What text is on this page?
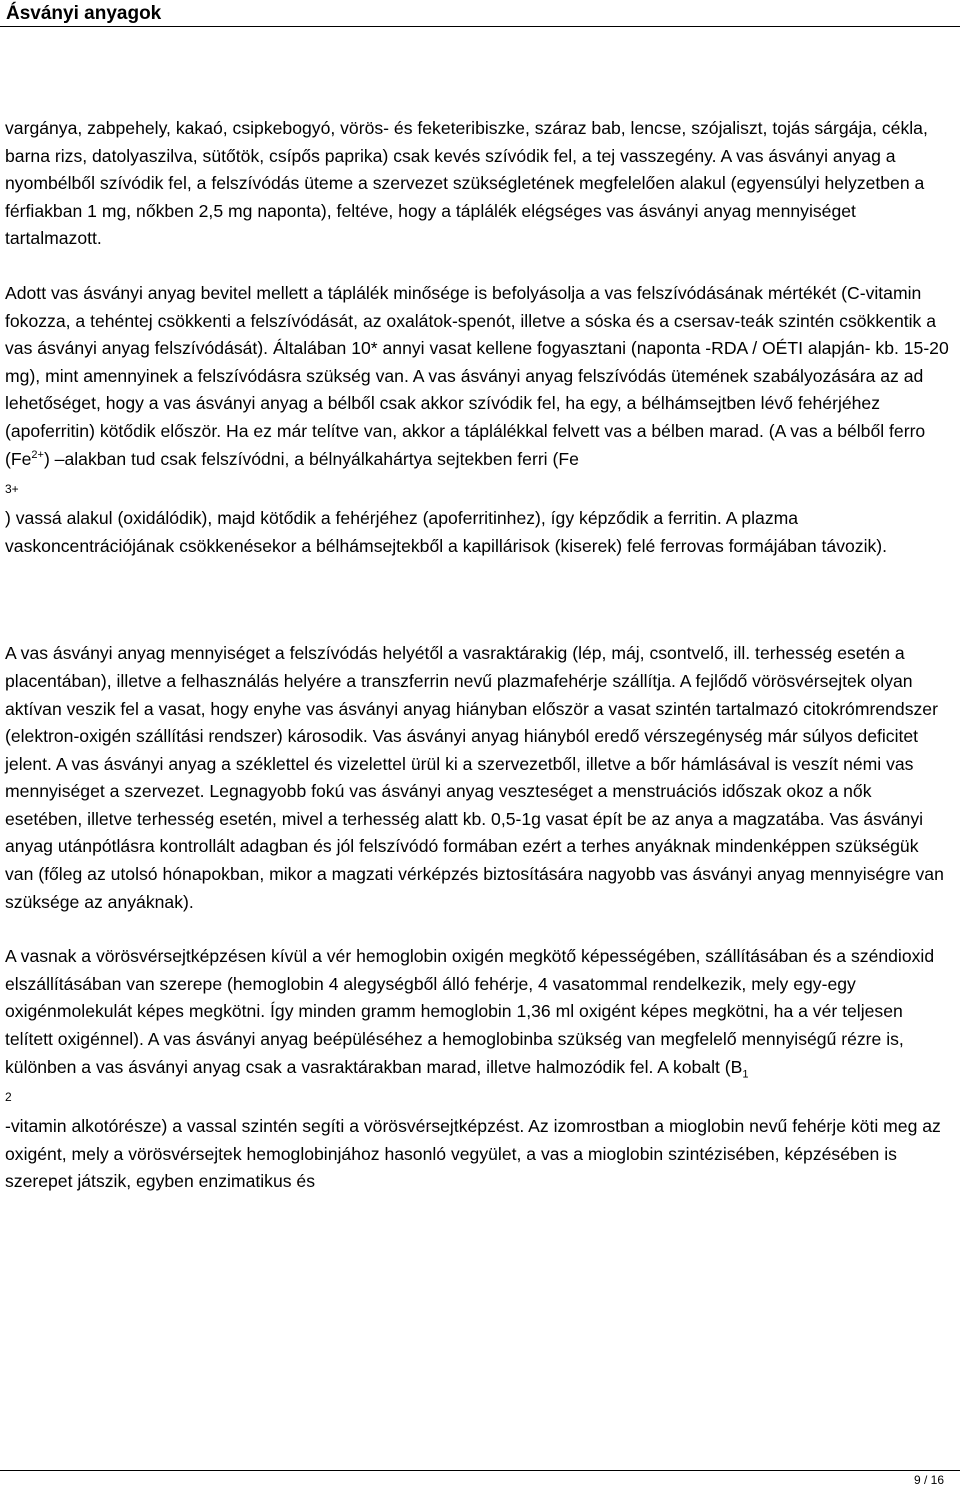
Ásványi anyagok

vargánya, zabpehely, kakaó, csipkebogyó, vörös- és feketeribiszke, száraz bab, lencse, szójaliszt, tojás sárgája, cékla, barna rizs, datolyaszilva, sütőtök, csípős paprika) csak kevés szívódik fel, a tej vasszegény. A vas ásványi anyag a nyombélből szívódik fel, a felszívódás üteme a szervezet szükségletének megfelelően alakul (egyensúlyi helyzetben a férfiakban 1 mg, nőkben 2,5 mg naponta), feltéve, hogy a táplálék elégséges vas ásványi anyag mennyiséget tartalmazott.

Adott vas ásványi anyag bevitel mellett a táplálék minősége is befolyásolja a vas felszívódásának mértékét (C-vitamin fokozza, a tehéntej csökkenti a felszívódását, az oxalátok-spenót, illetve a sóska és a csersav-teák szintén csökkentik a vas ásványi anyag felszívódását). Általában 10* annyi vasat kellene fogyasztani (naponta -RDA / OÉTI alapján- kb. 15-20 mg), mint amennyinek a felszívódásra szükség van. A vas ásványi anyag felszívódás ütemének szabályozására az ad lehetőséget, hogy a vas ásványi anyag a bélből csak akkor szívódik fel, ha egy, a bélhámsejtben lévő fehérjéhez (apoferritin) kötődik először. Ha ez már telítve van, akkor a táplálékkal felvett vas a bélben marad. (A vas a bélből ferro $(Fe^{2+})$ –alakban tud csak felszívódni, a bélnyálkahártya sejtekben ferri (Fe
3+
) vassá alakul (oxidálódik), majd kötődik a fehérjéhez (apoferritinhez), így képződik a ferritin. A plazma vaskoncentrációjának csökkenésekor a bélhámsejtekből a kapillárisok (kiserek) felé ferrovas formájában távozik).

A vas ásványi anyag mennyiséget a felszívódás helyétől a vasraktárakig (lép, máj, csontvelő, ill. terhesség esetén a placentában), illetve a felhasználás helyére a transzferrin nevű plazmafehérje szállítja. A fejlődő vörösvérsejtek olyan aktívan veszik fel a vasat, hogy enyhe vas ásványi anyag hiányban először a vasat szintén tartalmazó citokrómrendszer (elektron-oxigén szállítási rendszer) károsodik. Vas ásványi anyag hiányból eredő vérszegénység már súlyos deficitet jelent. A vas ásványi anyag a széklettel és vizelettel ürül ki a szervezetből, illetve a bőr hámlásával is veszít némi vas mennyiséget a szervezet. Legnagyobb fokú vas ásványi anyag veszteséget a menstruációs időszak okoz a nők esetében, illetve terhesség esetén, mivel a terhesség alatt kb. 0,5-1g vasat épít be az anya a magzatába. Vas ásványi anyag utánpótlásra kontrollált adagban és jól felszívódó formában ezért a terhes anyáknak mindenképpen szükségük van (főleg az utolsó hónapokban, mikor a magzati vérképzés biztosítására nagyobb vas ásványi anyag mennyiségre van szüksége az anyáknak).

A vasnak a vörösvérsejtképzésen kívül a vér hemoglobin oxigén megkötő képességében, szállításában és a széndioxid elszállításában van szerepe (hemoglobin 4 alegységből álló fehérje, 4 vasatommal rendelkezik, mely egy-egy oxigénmolekulát képes megkötni. Így minden gramm hemoglobin 1,36 ml oxigént képes megkötni, ha a vér teljesen telített oxigénnel). A vas ásványi anyag beépüléséhez a hemoglobinba szükség van megfelelő mennyiségű rézre is, különben a vas ásványi anyag csak a vasraktárakban marad, illetve halmozódik fel. A kobalt ($B_1$
2
-vitamin alkotórésze) a vassal szintén segíti a vörösvérsejtképzést. Az izomrostban a mioglobin nevű fehérje köti meg az oxigént, mely a vörösvérsejtek hemoglobinjához hasonló vegyület, a vas a mioglobin szintézisében, képzésében is szerepet játszik, egyben enzimatikus és

9 / 16
